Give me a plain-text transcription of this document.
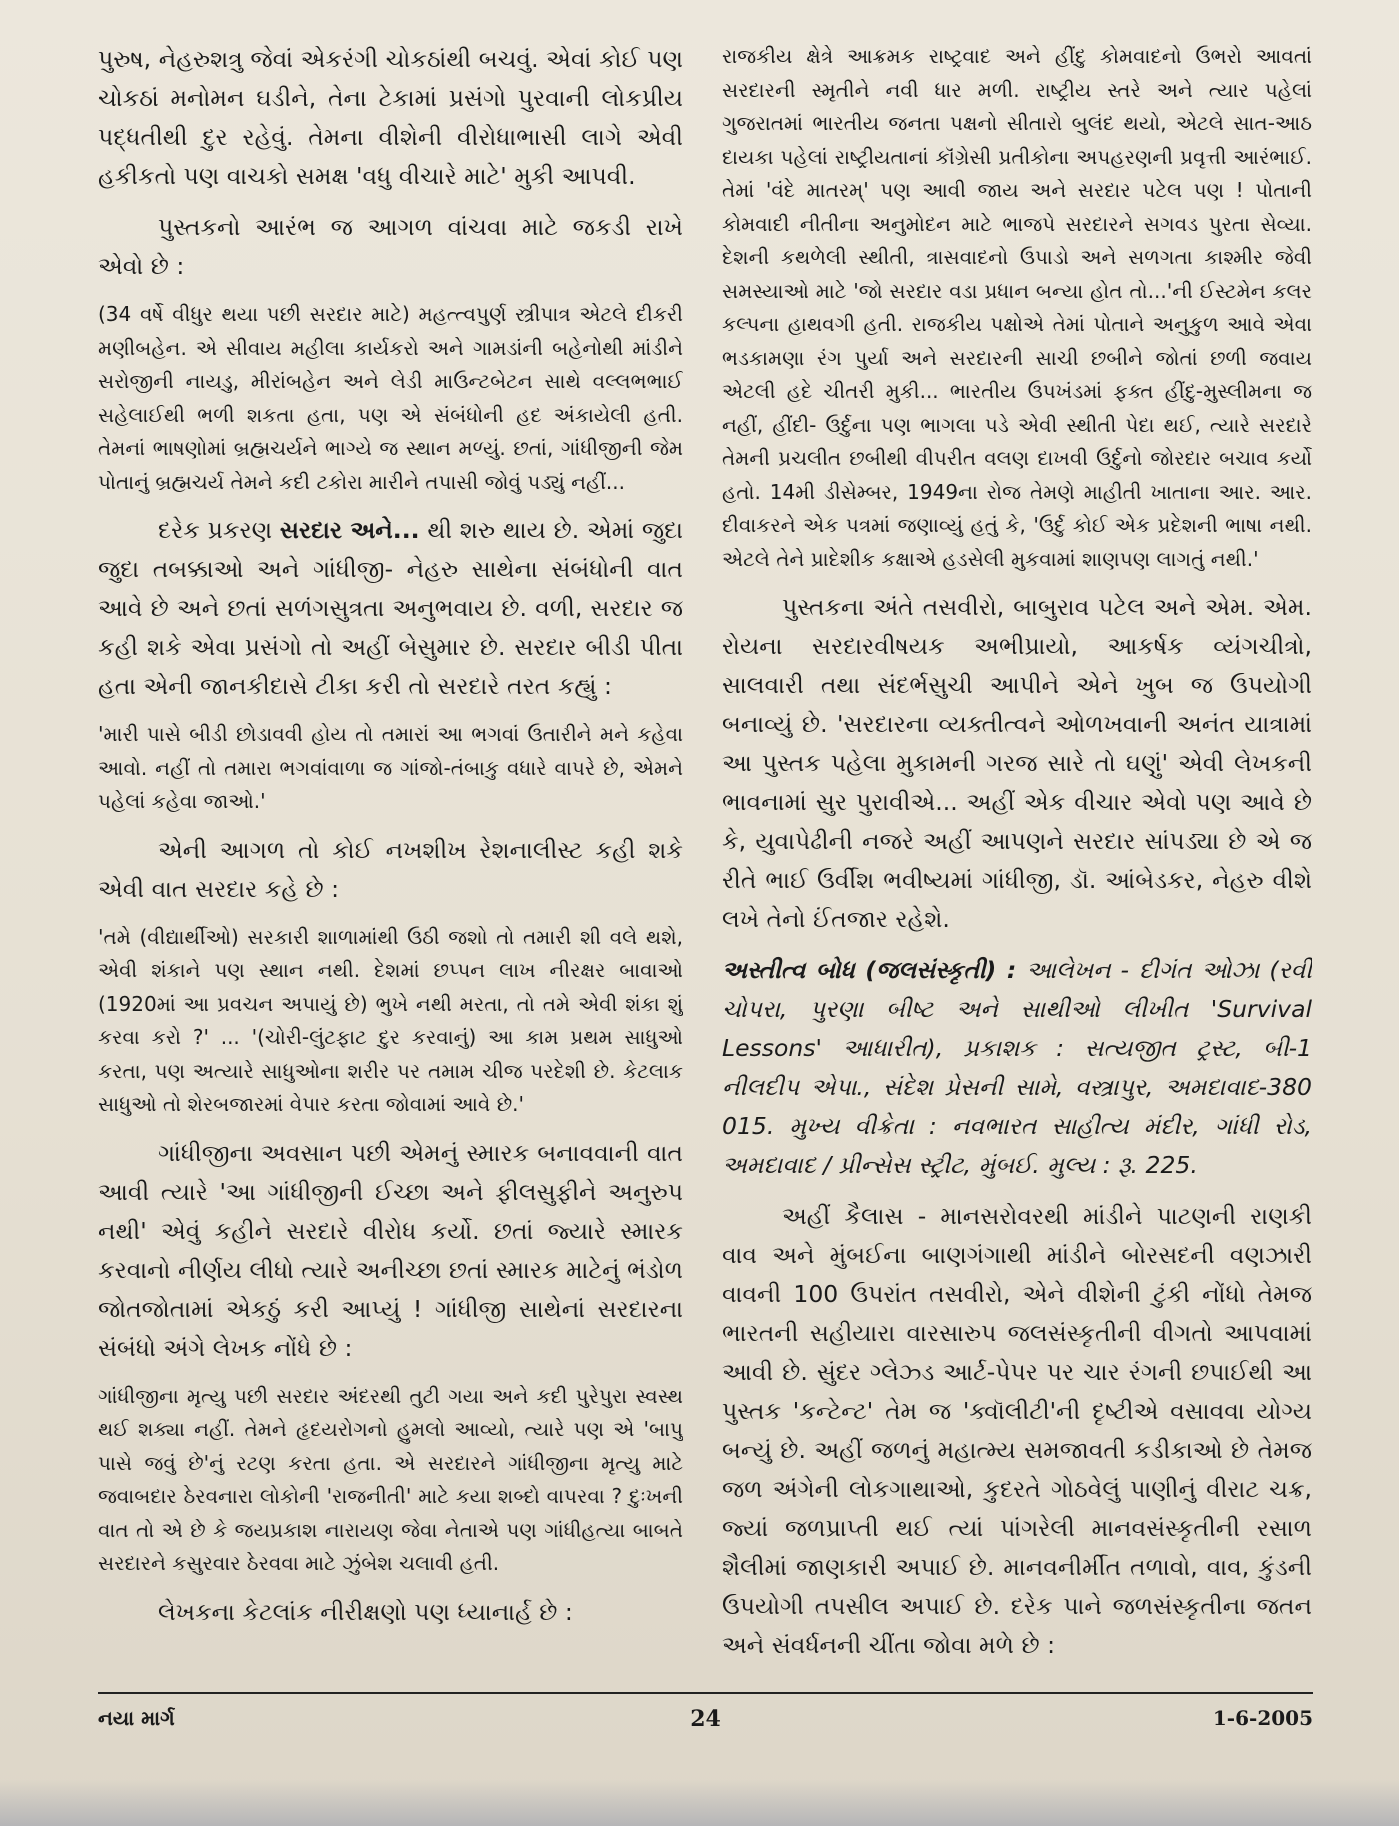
પુરુષ, નેહરુશત્રુ જેવાં એકરંગી ચોકઠાંથી બચવું. એવાં કોઈ પણ ચોકઠાં મનોમન ઘડીને, તેના ટેકામાં પ્રસંગો પુરવાની લોકપ્રીય પદ્ધતીથી દુર રહેવું. તેમના વીશેની વીરોધાભાસી લાગે એવી હકીકતો પણ વાચકો સમક્ષ 'વધુ વીચારે માટે' મુકી આપવી.

પુસ્તકનો આરંભ જ આગળ વાંચવા માટે જકડી રાખે એવો છે :

(34 વર્ષે વીધુર થયા પછી સરદાર માટે) મહત્ત્વપુર્ણ સ્ત્રીપાત્ર એટલે દીકરી મણીબહેન. એ સીવાય મહીલા કાર્યકરો અને ગામડાંની બહેનોથી માંડીને સરોજીની નાયડુ, મીરાંબહેન અને લેડી માઉન્ટબેટન સાથે વલ્લભભાઈ સહેલાઈથી ભળી શકતા હતા, પણ એ સંબંધોની હદ અંકાયેલી હતી. તેમનાં ભાષણોમાં બ્રહ્મચર્યને ભાગ્યે જ સ્થાન મળ્યું. છતાં, ગાંધીજીની જેમ પોતાનું બ્રહ્મચર્ય તેમને કદી ટકોરા મારીને તપાસી જોવું પડ્યું નહીં...

દરેક પ્રકરણ સરદાર અને... થી શરુ થાય છે. એમાં જુદા જુદા તબક્કાઓ અને ગાંધીજી- નેહરુ સાથેના સંબંધોની વાત આવે છે અને છતાં સળંગસુત્રતા અનુભવાય છે. વળી, સરદાર જ કહી શકે એવા પ્રસંગો તો અહીં બેસુમાર છે. સરદાર બીડી પીતા હતા એની જાનકીદાસે ટીકા કરી તો સરદારે તરત કહ્યું :

'મારી પાસે બીડી છોડાવવી હોય તો તમારાં આ ભગવાં ઉતારીને મને કહેવા આવો. નહીં તો તમારા ભગવાંવાળા જ ગાંજો-તંબાકુ વધારે વાપરે છે, એમને પહેલાં કહેવા જાઓ.'

એની આગળ તો કોઈ નખશીખ રેશનાલીસ્ટ કહી શકે એવી વાત સરદાર કહે છે :

'તમે (વીદ્યાર્થીઓ) સરકારી શાળામાંથી ઉઠી જશો તો તમારી શી વલે થશે, એવી શંકાને પણ સ્થાન નથી. દેશમાં છપ્પન લાખ નીરક્ષર બાવાઓ (1920માં આ પ્રવચન અપાયું છે) ભુખે નથી મરતા, તો તમે એવી શંકા શું કરવા કરો ?' ... '(ચોરી-લુંટફાટ દુર કરવાનું) આ કામ પ્રથમ સાધુઓ કરતા, પણ અત્યારે સાધુઓના શરીર પર તમામ ચીજ પરદેશી છે. કેટલાક સાધુઓ તો શેરબજારમાં વેપાર કરતા જોવામાં આવે છે.'

ગાંધીજીના અવસાન પછી એમનું સ્મારક બનાવવાની વાત આવી ત્યારે 'આ ગાંધીજીની ઈચ્છા અને ફીલસુફીને અનુરુપ નથી' એવું કહીને સરદારે વીરોધ કર્યો. છતાં જ્યારે સ્મારક કરવાનો નીર્ણય લીધો ત્યારે અનીચ્છા છતાં સ્મારક માટેનું ભંડોળ જોતજોતામાં એકઠું કરી આપ્યું ! ગાંધીજી સાથેનાં સરદારના સંબંધો અંગે લેખક નોંધે છે :

ગાંધીજીના મૃત્યુ પછી સરદાર અંદરથી તુટી ગયા અને કદી પુરેપુરા સ્વસ્થ થઈ શક્યા નહીં. તેમને હૃદયરોગનો હુમલો આવ્યો, ત્યારે પણ એ 'બાપુ પાસે જવું છે'નું રટણ કરતા હતા. એ સરદારને ગાંધીજીના મૃત્યુ માટે જવાબદાર ઠેરવનારા લોકોની 'રાજનીતી' માટે કયા શબ્દો વાપરવા ? દુઃખની વાત તો એ છે કે જયપ્રકાશ નારાયણ જેવા નેતાએ પણ ગાંધીહત્યા બાબતે સરદારને કસુરવાર ઠેરવવા માટે ઝુંબેશ ચલાવી હતી.

લેખકના કેટલાંક નીરીક્ષણો પણ ધ્યાનાર્હ છે :

રાજકીય ક્ષેત્રે આક્રમક રાષ્ટ્રવાદ અને હીંદુ કોમવાદનો ઉભરો આવતાં સરદારની સ્મૃતીને નવી ધાર મળી. રાષ્ટ્રીય સ્તરે અને ત્યાર પહેલાં ગુજરાતમાં ભારતીય જનતા પક્ષનો સીતારો બુલંદ થયો, એટલે સાત-આઠ દાયકા પહેલાં રાષ્ટ્રીયતાનાં કૉંગ્રેસી પ્રતીકોના અપહરણની પ્રવૃત્તી આરંભાઈ. તેમાં 'વંદે માતરમ્' પણ આવી જાય અને સરદાર પટેલ પણ ! પોતાની કોમવાદી નીતીના અનુમોદન માટે ભાજપે સરદારને સગવડ પુરતા સેવ્યા. દેશની કથળેલી સ્થીતી, ત્રાસવાદનો ઉપાડો અને સળગતા કાશ્મીર જેવી સમસ્યાઓ માટે 'જો સરદાર વડા પ્રધાન બન્યા હોત તો...'ની ઈસ્ટમેન કલર કલ્પના હાથવગી હતી. રાજકીય પક્ષોએ તેમાં પોતાને અનુકુળ આવે એવા ભડકામણા રંગ પુર્યા અને સરદારની સાચી છબીને જોતાં છળી જવાય એટલી હદે ચીતરી મુકી... ભારતીય ઉપખંડમાં ફક્ત હીંદુ-મુસ્લીમના જ નહીં, હીંદી- ઉર્દુના પણ ભાગલા પડે એવી સ્થીતી પેદા થઈ, ત્યારે સરદારે તેમની પ્રચલીત છબીથી વીપરીત વલણ દાખવી ઉર્દુનો જોરદાર બચાવ કર્યો હતો. 14મી ડીસેમ્બર, 1949ના રોજ તેમણે માહીતી ખાતાના આર. આર. દીવાકરને એક પત્રમાં જણાવ્યું હતું કે, 'ઉર્દુ કોઈ એક પ્રદેશની ભાષા નથી. એટલે તેને પ્રાદેશીક કક્ષાએ હડસેલી મુકવામાં શાણપણ લાગતું નથી.'

પુસ્તકના અંતે તસવીરો, બાબુરાવ પટેલ અને એમ. એમ. રોયના સરદારવીષયક અભીપ્રાયો, આકર્ષક વ્યંગચીત્રો, સાલવારી તથા સંદર્ભસુચી આપીને એને ખુબ જ ઉપયોગી બનાવ્યું છે. 'સરદારના વ્યક્તીત્વને ઓળખવાની અનંત યાત્રામાં આ પુસ્તક પહેલા મુકામની ગરજ સારે તો ઘણું' એવી લેખકની ભાવનામાં સુર પુરાવીએ... અહીં એક વીચાર એવો પણ આવે છે કે, યુવાપેઢીની નજરે અહીં આપણને સરદાર સાંપડ્યા છે એ જ રીતે ભાઈ ઉર્વીશ ભવીષ્યમાં ગાંધીજી, ડૉ. આંબેડકર, નેહરુ વીશે લખે તેનો ઈંતજાર રહેશે.

અસ્તીત્વ બોધ (જલસંસ્કૃતી) : આલેખન - દીગંત ઓઝા (રવી ચોપરા, પુરણા બીષ્ટ અને સાથીઓ લીખીત 'Survival Lessons' આધારીત), પ્રકાશક : સત્યજીત ટ્રસ્ટ, બી-1 નીલદીપ એપા., સંદેશ પ્રેસની સામે, વસ્ત્રાપુર, અમદાવાદ-380 015. મુખ્ય વીક્રેતા : નવભારત સાહીત્ય મંદીર, ગાંધી રોડ, અમદાવાદ / પ્રીન્સેસ સ્ટ્રીટ, મુંબઈ. મુલ્ય : રૂ. 225.

અહીં કૈલાસ - માનસરોવરથી માંડીને પાટણની રાણકી વાવ અને મુંબઈના બાણગંગાથી માંડીને બોરસદની વણઝારી વાવની 100 ઉપરાંત તસવીરો, એને વીશેની ટુંકી નોંધો તેમજ ભારતની સહીયારા વારસારુપ જલસંસ્કૃતીની વીગતો આપવામાં આવી છે. સુંદર ગ્લેઝ્ડ આર્ટ-પેપર પર ચાર રંગની છપાઈથી આ પુસ્તક 'કન્ટેન્ટ' તેમ જ 'ક્વૉલીટી'ની દૃષ્ટીએ વસાવવા યોગ્ય બન્યું છે. અહીં જળનું મહાત્મ્ય સમજાવતી કડીકાઓ છે તેમજ જળ અંગેની લોકગાથાઓ, કુદરતે ગોઠવેલું પાણીનું વીરાટ ચક્ર, જ્યાં જળપ્રાપ્તી થઈ ત્યાં પાંગરેલી માનવસંસ્કૃતીની રસાળ શૈલીમાં જાણકારી અપાઈ છે. માનવનીર્મીત તળાવો, વાવ, કુંડની ઉપયોગી તપસીલ અપાઈ છે. દરેક પાને જળસંસ્કૃતીના જતન અને સંવર્ધનની ચીંતા જોવા મળે છે :

નયા માર્ગ	24	1-6-2005
